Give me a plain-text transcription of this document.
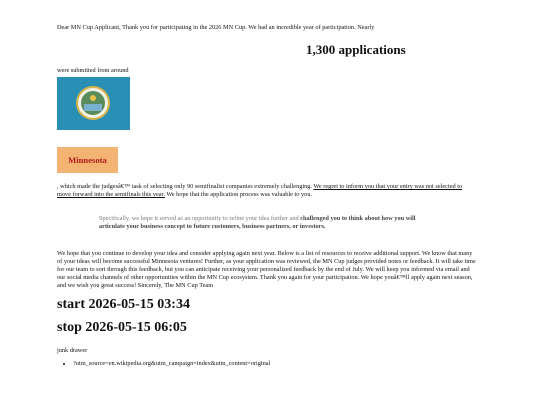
Dear MN Cup Applicant, Thank you for participating in the 2026 MN Cup. We had an incredible year of participation. Nearly
1,300 applications
were submitted from around
Minnesota
, which made the judgesâ€™ task of selecting only 90 semifinalist companies extremely challenging. We regret to inform you that your entry was not selected to move forward into the semifinals this year. We hope that the application process was valuable to you.
Specifically, we hope it served as an opportunity to refine your idea further and challenged you to think about how you will articulate your business concept to future customers, business partners, or investors.
We hope that you continue to develop your idea and consider applying again next year. Below is a list of resources to receive additional support. We know that many of your ideas will become successful Minnesota ventures! Further, as your application was reviewed, the MN Cup judges provided notes or feedback. It will take time for our team to sort through this feedback, but you can anticipate receiving your personalized feedback by the end of July. We will keep you informed via email and our social media channels of other opportunities within the MN Cup ecosystem. Thank you again for your participation. We hope youâ€™ll apply again next season, and we wish you great success! Sincerely, The MN Cup Team
start 2026-05-15 03:34
stop 2026-05-15 06:05
junk drawer
• ?utm_source=en.wikipedia.org&utm_campaign=index&utm_content=original
